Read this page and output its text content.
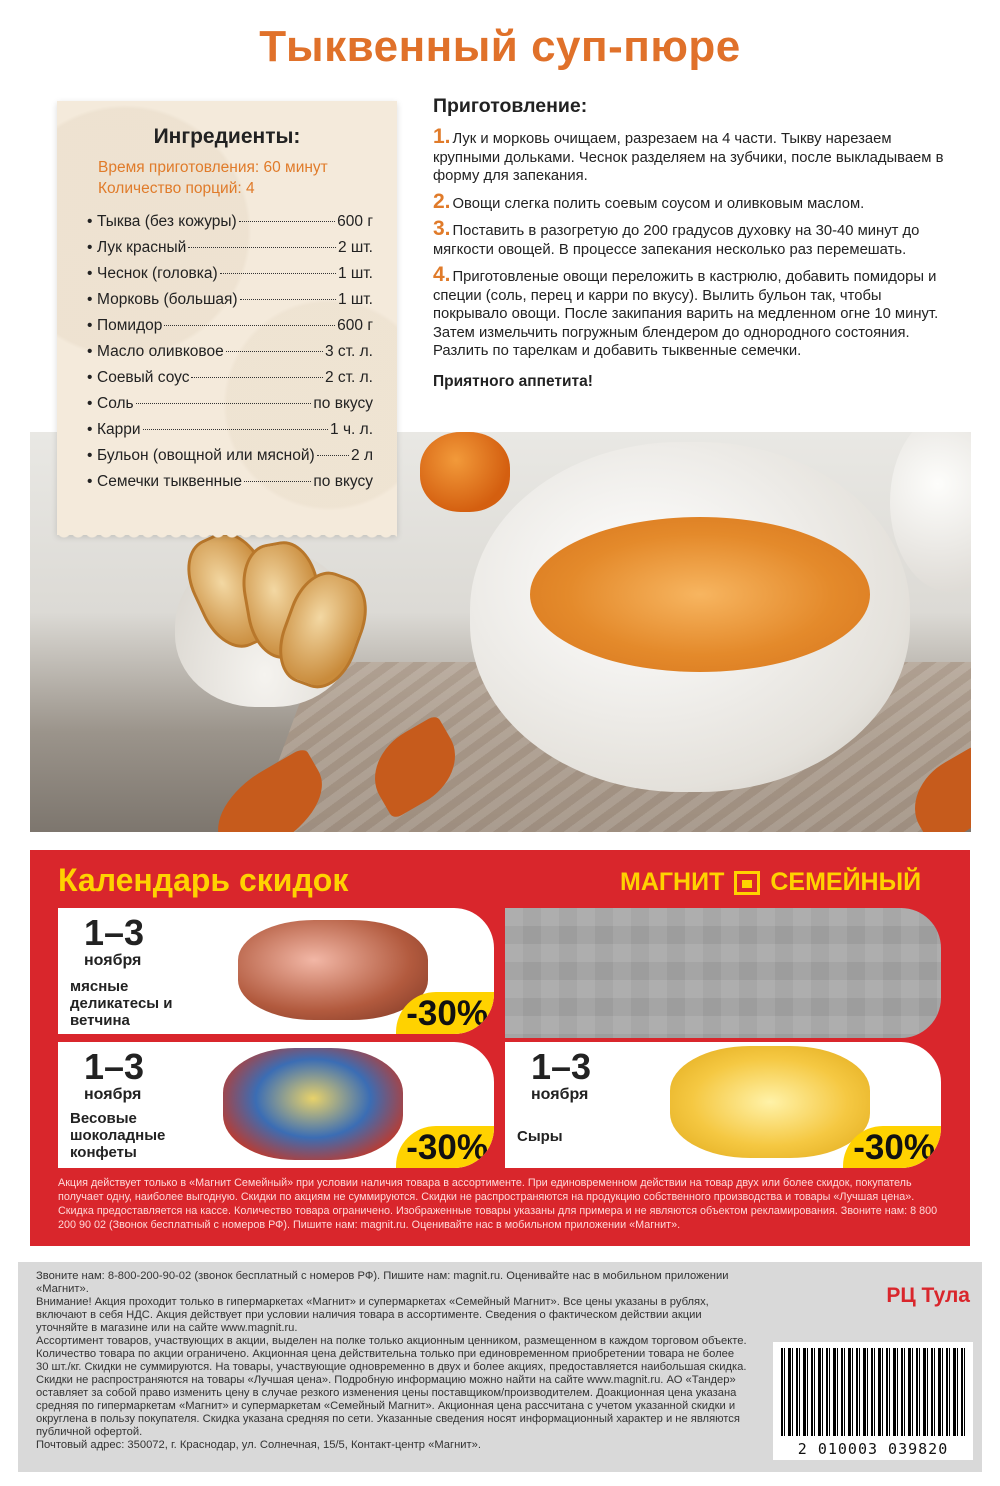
Тыквенный суп-пюре
Ингредиенты:
Время приготовления: 60 минут
Количество порций: 4
• Тыква (без кожуры)	600 г
• Лук красный	2 шт.
• Чеснок (головка)	1 шт.
• Морковь (большая)	1 шт.
• Помидор	600 г
• Масло оливковое	3 ст. л.
• Соевый соус	2 ст. л.
• Соль	по вкусу
• Карри	1 ч. л.
• Бульон (овощной или мясной) 2 л
• Семечки тыквенные	по вкусу
Приготовление:
1. Лук и морковь очищаем, разрезаем на 4 части. Тыкву нарезаем крупными дольками. Чеснок разделяем на зубчики, после выкладываем в форму для запекания.
2. Овощи слегка полить соевым соусом и оливковым маслом.
3. Поставить в разогретую до 200 градусов духовку на 30-40 минут до мягкости овощей. В процессе запекания несколько раз перемешать.
4. Приготовленые овощи переложить в кастрюлю, добавить помидоры и специи (соль, перец и карри по вкусу). Вылить бульон так, чтобы покрывало овощи. После закипания варить на медленном огне 10 минут. Затем измельчить погружным блендером до однородного состояния. Разлить по тарелкам и добавить тыквенные семечки.
Приятного аппетита!
Календарь скидок	МАГНИТ СЕМЕЙНЫЙ
1–3
ноября
мясные деликатесы и ветчина	-30%
1–3
ноября
Весовые шоколадные конфеты	-30%
1–3
ноября
Сыры	-30%
Акция действует только в «Магнит Семейный» при условии наличия товара в ассортименте. При единовременном действии на товар двух или более скидок, покупатель получает одну, наиболее выгодную. Скидки по акциям не суммируются. Скидки не распространяются на продукцию собственного производства и товары «Лучшая цена». Скидка предоставляется на кассе. Количество товара ограничено. Изображенные товары указаны для примера и не являются объектом рекламирования. Звоните нам: 8 800 200 90 02 (Звонок бесплатный с номеров РФ). Пишите нам: magnit.ru. Оценивайте нас в мобильном приложении «Магнит».

Звоните нам: 8-800-200-90-02 (звонок бесплатный с номеров РФ). Пишите нам: magnit.ru. Оценивайте нас в мобильном приложении «Магнит».

Внимание! Акция проходит только в гипермаркетах «Магнит» и супермаркетах «Семейный Магнит». Все цены указаны в рублях, включают в себя НДС. Акция действует при условии наличия товара в ассортименте. Сведения о фактическом действии акции уточняйте в магазине или на сайте www.magnit.ru.

Ассортимент товаров, участвующих в акции, выделен на полке только акционным ценником, размещенном в каждом торговом объекте. Количество товара по акции ограничено. Акционная цена действительна только при единовременном приобретении товара не более 30 шт./кг. Скидки не суммируются. На товары, участвующие одновременно в двух и более акциях, предоставляется наибольшая скидка. Скидки не распространяются на товары «Лучшая цена». Подробную информацию можно найти на сайте www.magnit.ru. АО «Тандер» оставляет за собой право изменить цену в случае резкого изменения цены поставщиком/производителем. Доакционная цена указана средняя по гипермаркетам «Магнит» и супермаркетам «Семейный Магнит». Акционная цена рассчитана с учетом указанной скидки и округлена в пользу покупателя. Скидка указана средняя по сети. Указанные сведения носят информационный характер и не являются публичной офертой.

Почтовый адрес: 350072, г. Краснодар, ул. Солнечная, 15/5, Контакт-центр «Магнит».

РЦ Тула
2 010003 039820
